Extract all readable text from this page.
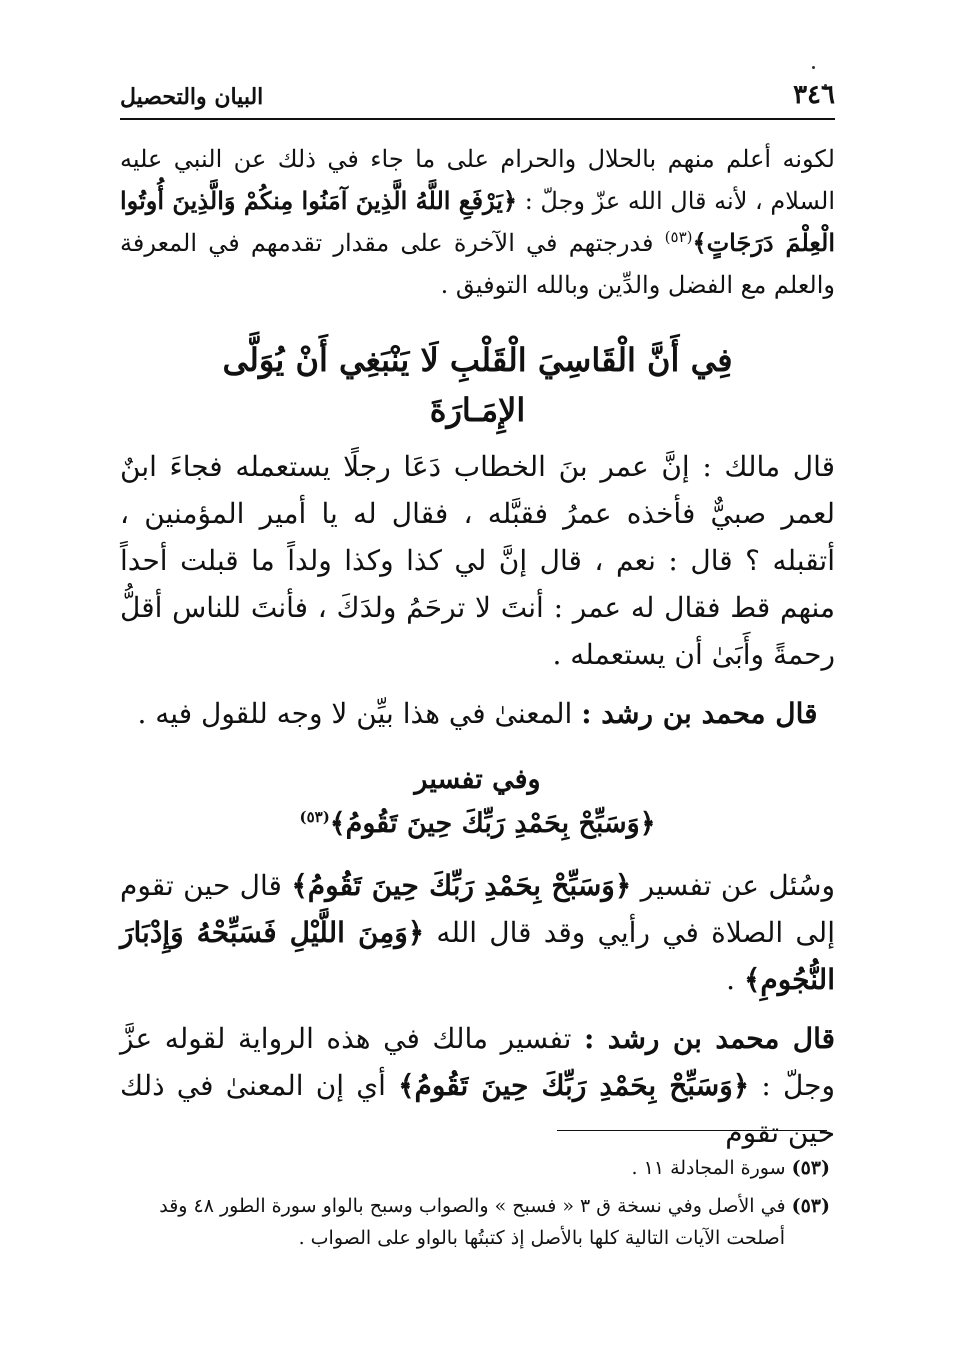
٣٤٦
البيان والتحصيل

لكونه أعلم منهم بالحلال والحرام على ما جاء في ذلك عن النبي عليه السلام ، لأنه قال الله عزّ وجلّ : ﴿يَرْفَعِ اللَّهُ الَّذِينَ آمَنُوا مِنكُمْ وَالَّذِينَ أُوتُوا الْعِلْمَ دَرَجَاتٍ﴾$^{(٥٣)}$ فدرجتهم في الآخرة على مقدار تقدمهم في المعرفة والعلم مع الفضل والدِّين وبالله التوفيق .

فِي أَنَّ الْقَاسِيَ الْقَلْبِ لَا يَنْبَغِي أَنْ يُوَلَّى
الإِمَـارَةَ

قال مالك : إنَّ عمر بنَ الخطاب دَعَا رجلًا يستعمله فجاءَ ابنٌ لعمر صبيٌّ فأخذه عمرُ فقبَّله ، فقال له يا أمير المؤمنين ، أتقبله ؟ قال : نعم ، قال إنَّ لي كذا وكذا ولداً ما قبلت أحداً منهم قط فقال له عمر : أنتَ لا ترحَمُ ولدَكَ ، فأنتَ للناس أقلُّ رحمةً وأَبَىٰ أن يستعمله .

قال محمد بن رشد : المعنىٰ في هذا بيِّن لا وجه للقول فيه .

وفي تفسير
﴿وَسَبِّحْ بِحَمْدِ رَبِّكَ حِينَ تَقُومُ﴾$^{(٥٣)}$

وسُئل عن تفسير ﴿وَسَبِّحْ بِحَمْدِ رَبِّكَ حِينَ تَقُومُ﴾ قال حين تقوم إلى الصلاة في رأيي وقد قال الله ﴿وَمِنَ اللَّيْلِ فَسَبِّحْهُ وَإِدْبَارَ النُّجُومِ﴾ .

قال محمد بن رشد : تفسير مالك في هذه الرواية لقوله عزَّ وجلّ : ﴿وَسَبِّحْ بِحَمْدِ رَبِّكَ حِينَ تَقُومُ﴾ أي إن المعنىٰ في ذلك حين تقوم

(٥٣) سورة المجادلة ١١ .
(٥٣) في الأصل وفي نسخة ق ٣ « فسبح » والصواب وسبح بالواو سورة الطور ٤٨ وقد
أصلحت الآيات التالية كلها بالأصل إذ كتبتُها بالواو على الصواب .
